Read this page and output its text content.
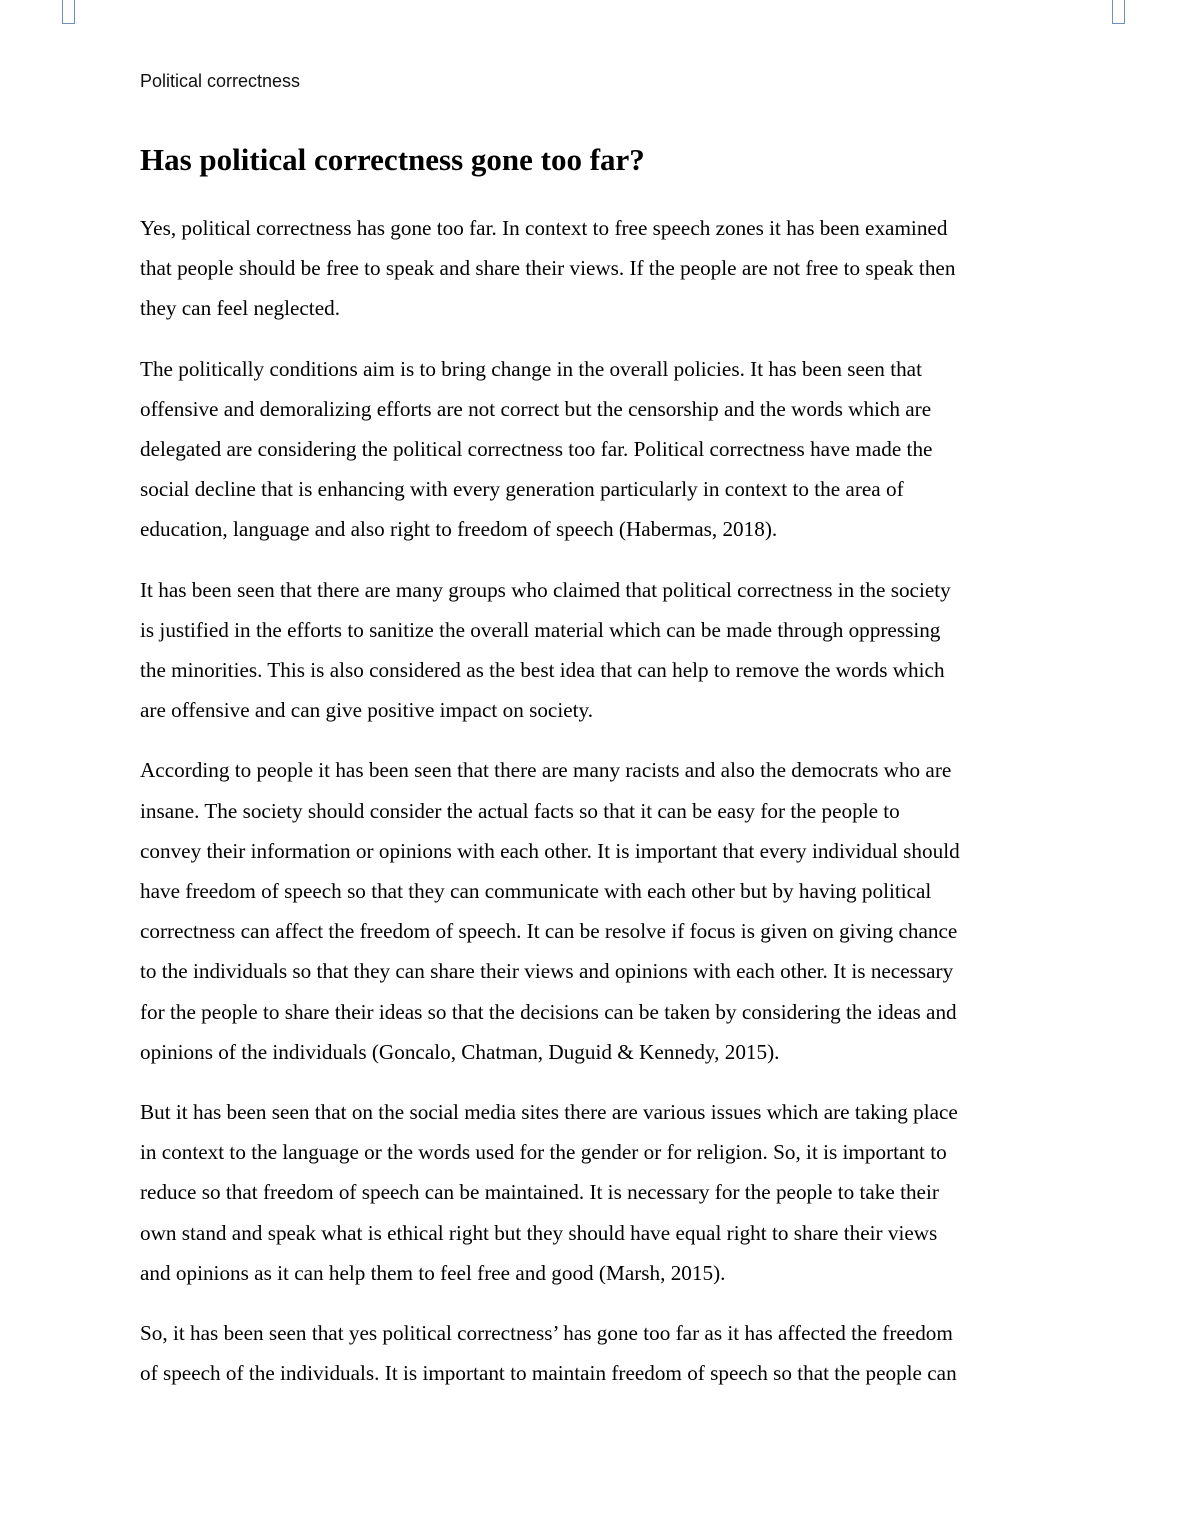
Political correctness
Has political correctness gone too far?

Yes, political correctness has gone too far. In context to free speech zones it has been examined
that people should be free to speak and share their views. If the people are not free to speak then
they can feel neglected.

The politically conditions aim is to bring change in the overall policies. It has been seen that
offensive and demoralizing efforts are not correct but the censorship and the words which are
delegated are considering the political correctness too far. Political correctness have made the
social decline that is enhancing with every generation particularly in context to the area of
education, language and also right to freedom of speech (Habermas, 2018).

It has been seen that there are many groups who claimed that political correctness in the society
is justified in the efforts to sanitize the overall material which can be made through oppressing
the minorities. This is also considered as the best idea that can help to remove the words which
are offensive and can give positive impact on society.

According to people it has been seen that there are many racists and also the democrats who are
insane. The society should consider the actual facts so that it can be easy for the people to
convey their information or opinions with each other. It is important that every individual should
have freedom of speech so that they can communicate with each other but by having political
correctness can affect the freedom of speech. It can be resolve if focus is given on giving chance
to the individuals so that they can share their views and opinions with each other. It is necessary
for the people to share their ideas so that the decisions can be taken by considering the ideas and
opinions of the individuals (Goncalo, Chatman, Duguid & Kennedy, 2015).

But it has been seen that on the social media sites there are various issues which are taking place
in context to the language or the words used for the gender or for religion. So, it is important to
reduce so that freedom of speech can be maintained. It is necessary for the people to take their
own stand and speak what is ethical right but they should have equal right to share their views
and opinions as it can help them to feel free and good (Marsh, 2015).

So, it has been seen that yes political correctness’ has gone too far as it has affected the freedom
of speech of the individuals. It is important to maintain freedom of speech so that the people can
